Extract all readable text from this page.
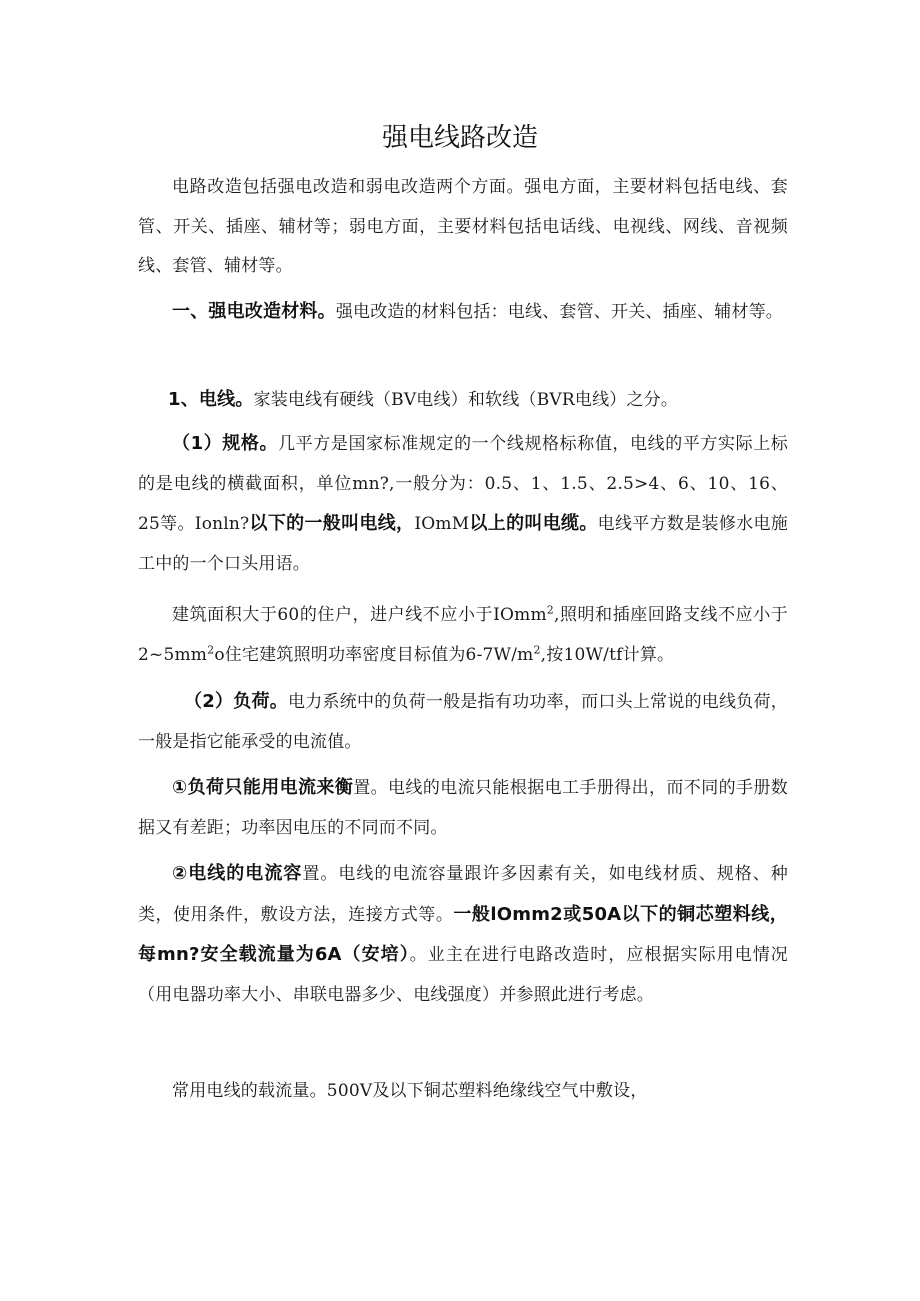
强电线路改造

电路改造包括强电改造和弱电改造两个方面。强电方面，主要材料包括电线、套管、开关、插座、辅材等；弱电方面，主要材料包括电话线、电视线、网线、音视频线、套管、辅材等。

一、强电改造材料。强电改造的材料包括：电线、套管、开关、插座、辅材等。

1、电线。家装电线有硬线（BV电线）和软线（BVR电线）之分。

（1）规格。几平方是国家标准规定的一个线规格标称值，电线的平方实际上标的是电线的横截面积，单位mn?,一般分为：0.5、1、1.5、2.5>4、6、10、16、25等。Ionln?以下的一般叫电线，IOmM以上的叫电缆。电线平方数是装修水电施工中的一个口头用语。

建筑面积大于60的住户，进户线不应小于IOmm$^2$,照明和插座回路支线不应小于$2\sim 5mm^2o$住宅建筑照明功率密度目标值为$6-7W/m^2$,按10W/tf计算。

（2）负荷。电力系统中的负荷一般是指有功功率，而口头上常说的电线负荷，一般是指它能承受的电流值。

①负荷只能用电流来衡置。电线的电流只能根据电工手册得出，而不同的手册数据又有差距；功率因电压的不同而不同。

②电线的电流容置。电线的电流容量跟许多因素有关，如电线材质、规格、种类，使用条件，敷设方法，连接方式等。一般lOmm2或50A以下的铜芯塑料线，每mn?安全载流量为6A（安培）。业主在进行电路改造时，应根据实际用电情况（用电器功率大小、串联电器多少、电线强度）并参照此进行考虑。

常用电线的载流量。500V及以下铜芯塑料绝缘线空气中敷设，
